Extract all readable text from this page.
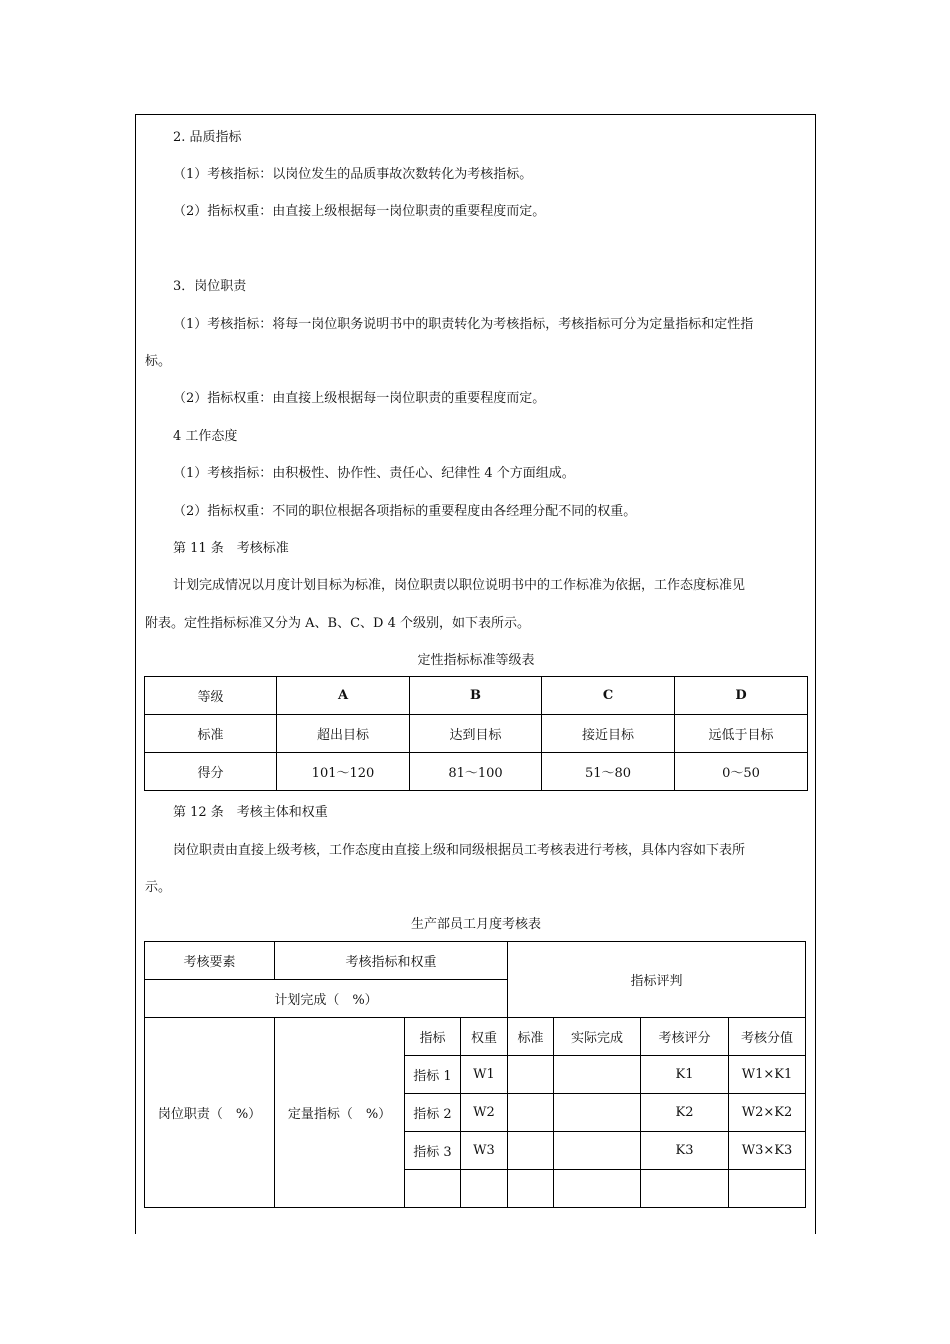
2. 品质指标
（1）考核指标：以岗位发生的品质事故次数转化为考核指标。
（2）指标权重：由直接上级根据每一岗位职责的重要程度而定。
3．岗位职责
（1）考核指标：将每一岗位职务说明书中的职责转化为考核指标，考核指标可分为定量指标和定性指
标。
（2）指标权重：由直接上级根据每一岗位职责的重要程度而定。
4 工作态度
（1）考核指标：由积极性、协作性、责任心、纪律性 4 个方面组成。
（2）指标权重：不同的职位根据各项指标的重要程度由各经理分配不同的权重。
第 11 条　考核标准
计划完成情况以月度计划目标为标准，岗位职责以职位说明书中的工作标准为依据，工作态度标准见
附表。定性指标标准又分为 A、B、C、D 4 个级别，如下表所示。
定性指标标准等级表
等级	A	B	C	D
标准	超出目标	达到目标	接近目标	远低于目标
得分	101～120	81～100	51～80	0～50
第 12 条　考核主体和权重
岗位职责由直接上级考核，工作态度由直接上级和同级根据员工考核表进行考核，具体内容如下表所
示。
生产部员工月度考核表
考核要素	考核指标和权重			指标评判			
计划完成（　%）							
岗位职责（　%）	定量指标（　%）	指标	权重	标准	实际完成	考核评分	考核分值
		指标 1	W1			K1	W1×K1
		指标 2	W2			K2	W2×K2
		指标 3	W3			K3	W3×K3
